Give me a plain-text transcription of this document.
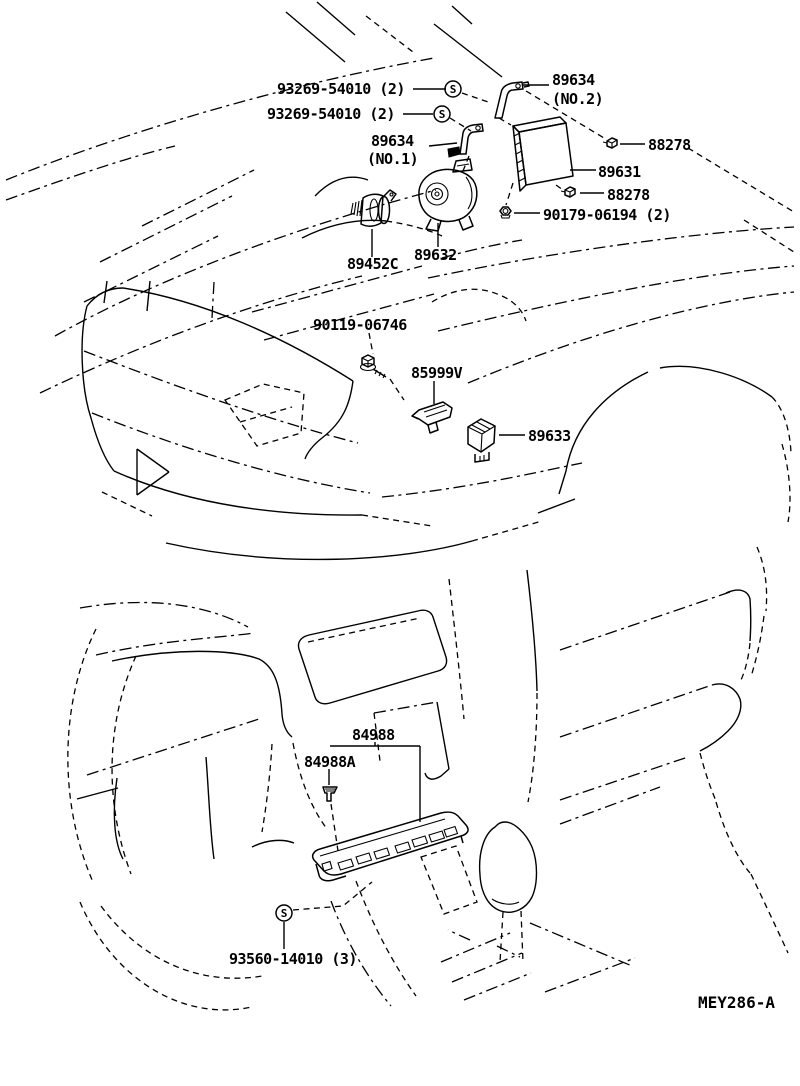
S
S
S
93269-54010 (2)
93269-54010 (2)
89634
(NO.2)
89634
(NO.1)
88278
89631
88278
90179-06194 (2)
89632
89452C
90119-06746
85999V
89633
84988
84988A
93560-14010 (3)
MEY286-A
